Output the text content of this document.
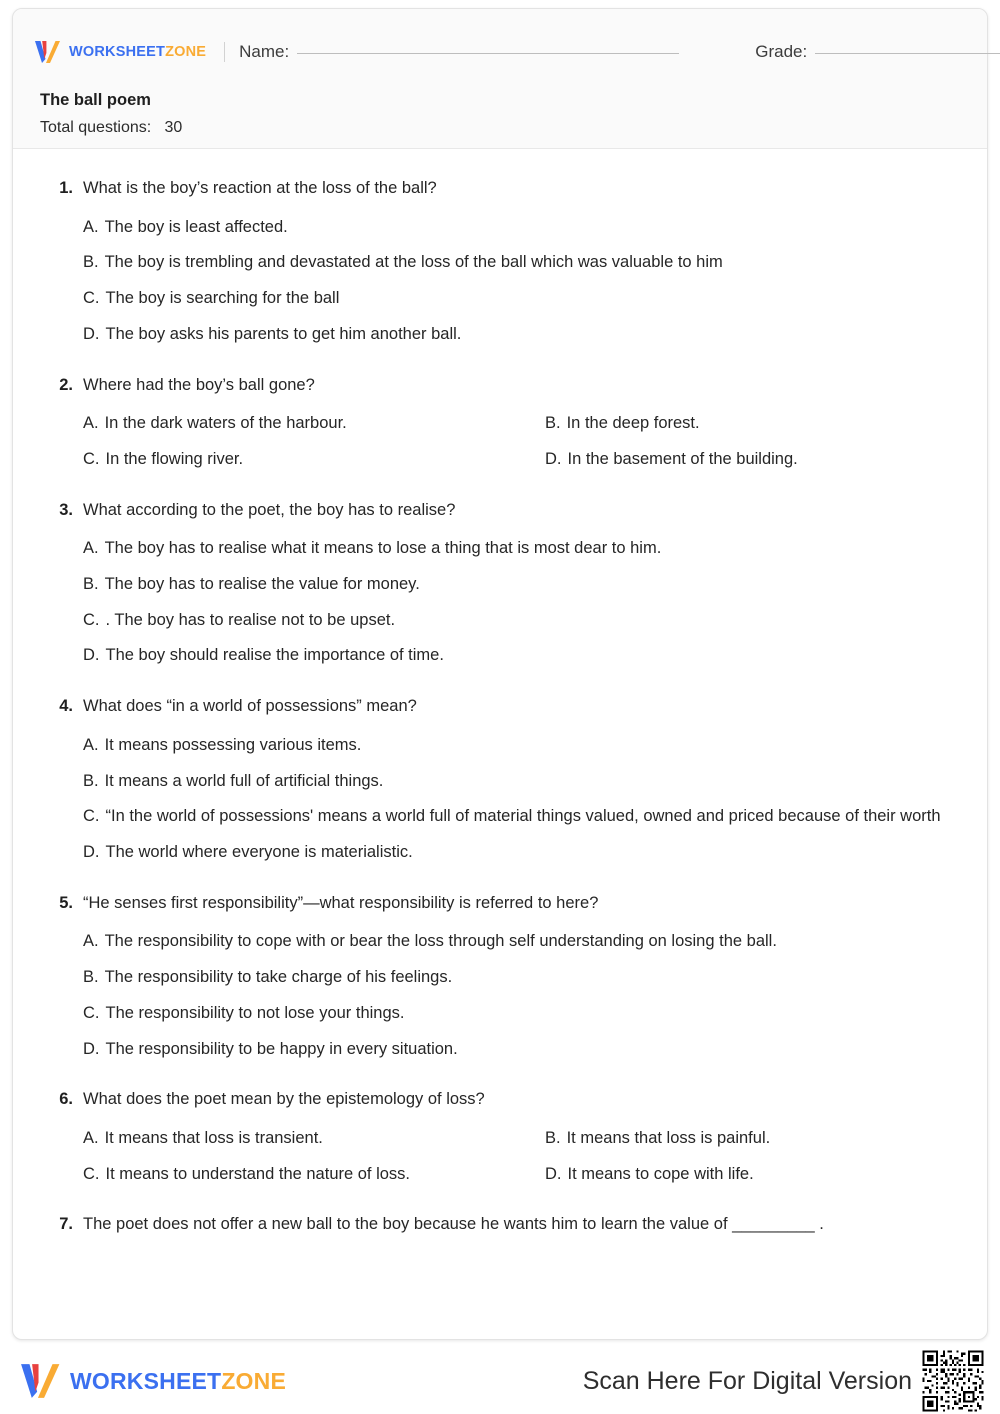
WORKSHEETZONE Name:	Grade:

The ball poem

Total questions:   30

1. What is the boy’s reaction at the loss of the ball?
A. The boy is least affected.
B. The boy is trembling and devastated at the loss of the ball which was valuable to him
C. The boy is searching for the ball
D. The boy asks his parents to get him another ball.
2. Where had the boy’s ball gone?
A. In the dark waters of the harbour.	B. In the deep forest.
C. In the flowing river.	D. In the basement of the building.
3. What according to the poet, the boy has to realise?
A. The boy has to realise what it means to lose a thing that is most dear to him.
B. The boy has to realise the value for money.
C. . The boy has to realise not to be upset.
D. The boy should realise the importance of time.
4. What does “in a world of possessions” mean?
A. It means possessing various items.
B. It means a world full of artificial things.
C. “In the world of possessions' means a world full of material things valued, owned and priced because of their worth
D. The world where everyone is materialistic.
5. “He senses first responsibility”—what responsibility is referred to here?
A. The responsibility to cope with or bear the loss through self understanding on losing the ball.
B. The responsibility to take charge of his feelings.
C. The responsibility to not lose your things.
D. The responsibility to be happy in every situation.
6. What does the poet mean by the epistemology of loss?
A. It means that loss is transient.	B. It means that loss is painful.
C. It means to understand the nature of loss.	D. It means to cope with life.
7. The poet does not offer a new ball to the boy because he wants him to learn the value of _________ .
WORKSHEETZONE	Scan Here For Digital Version
